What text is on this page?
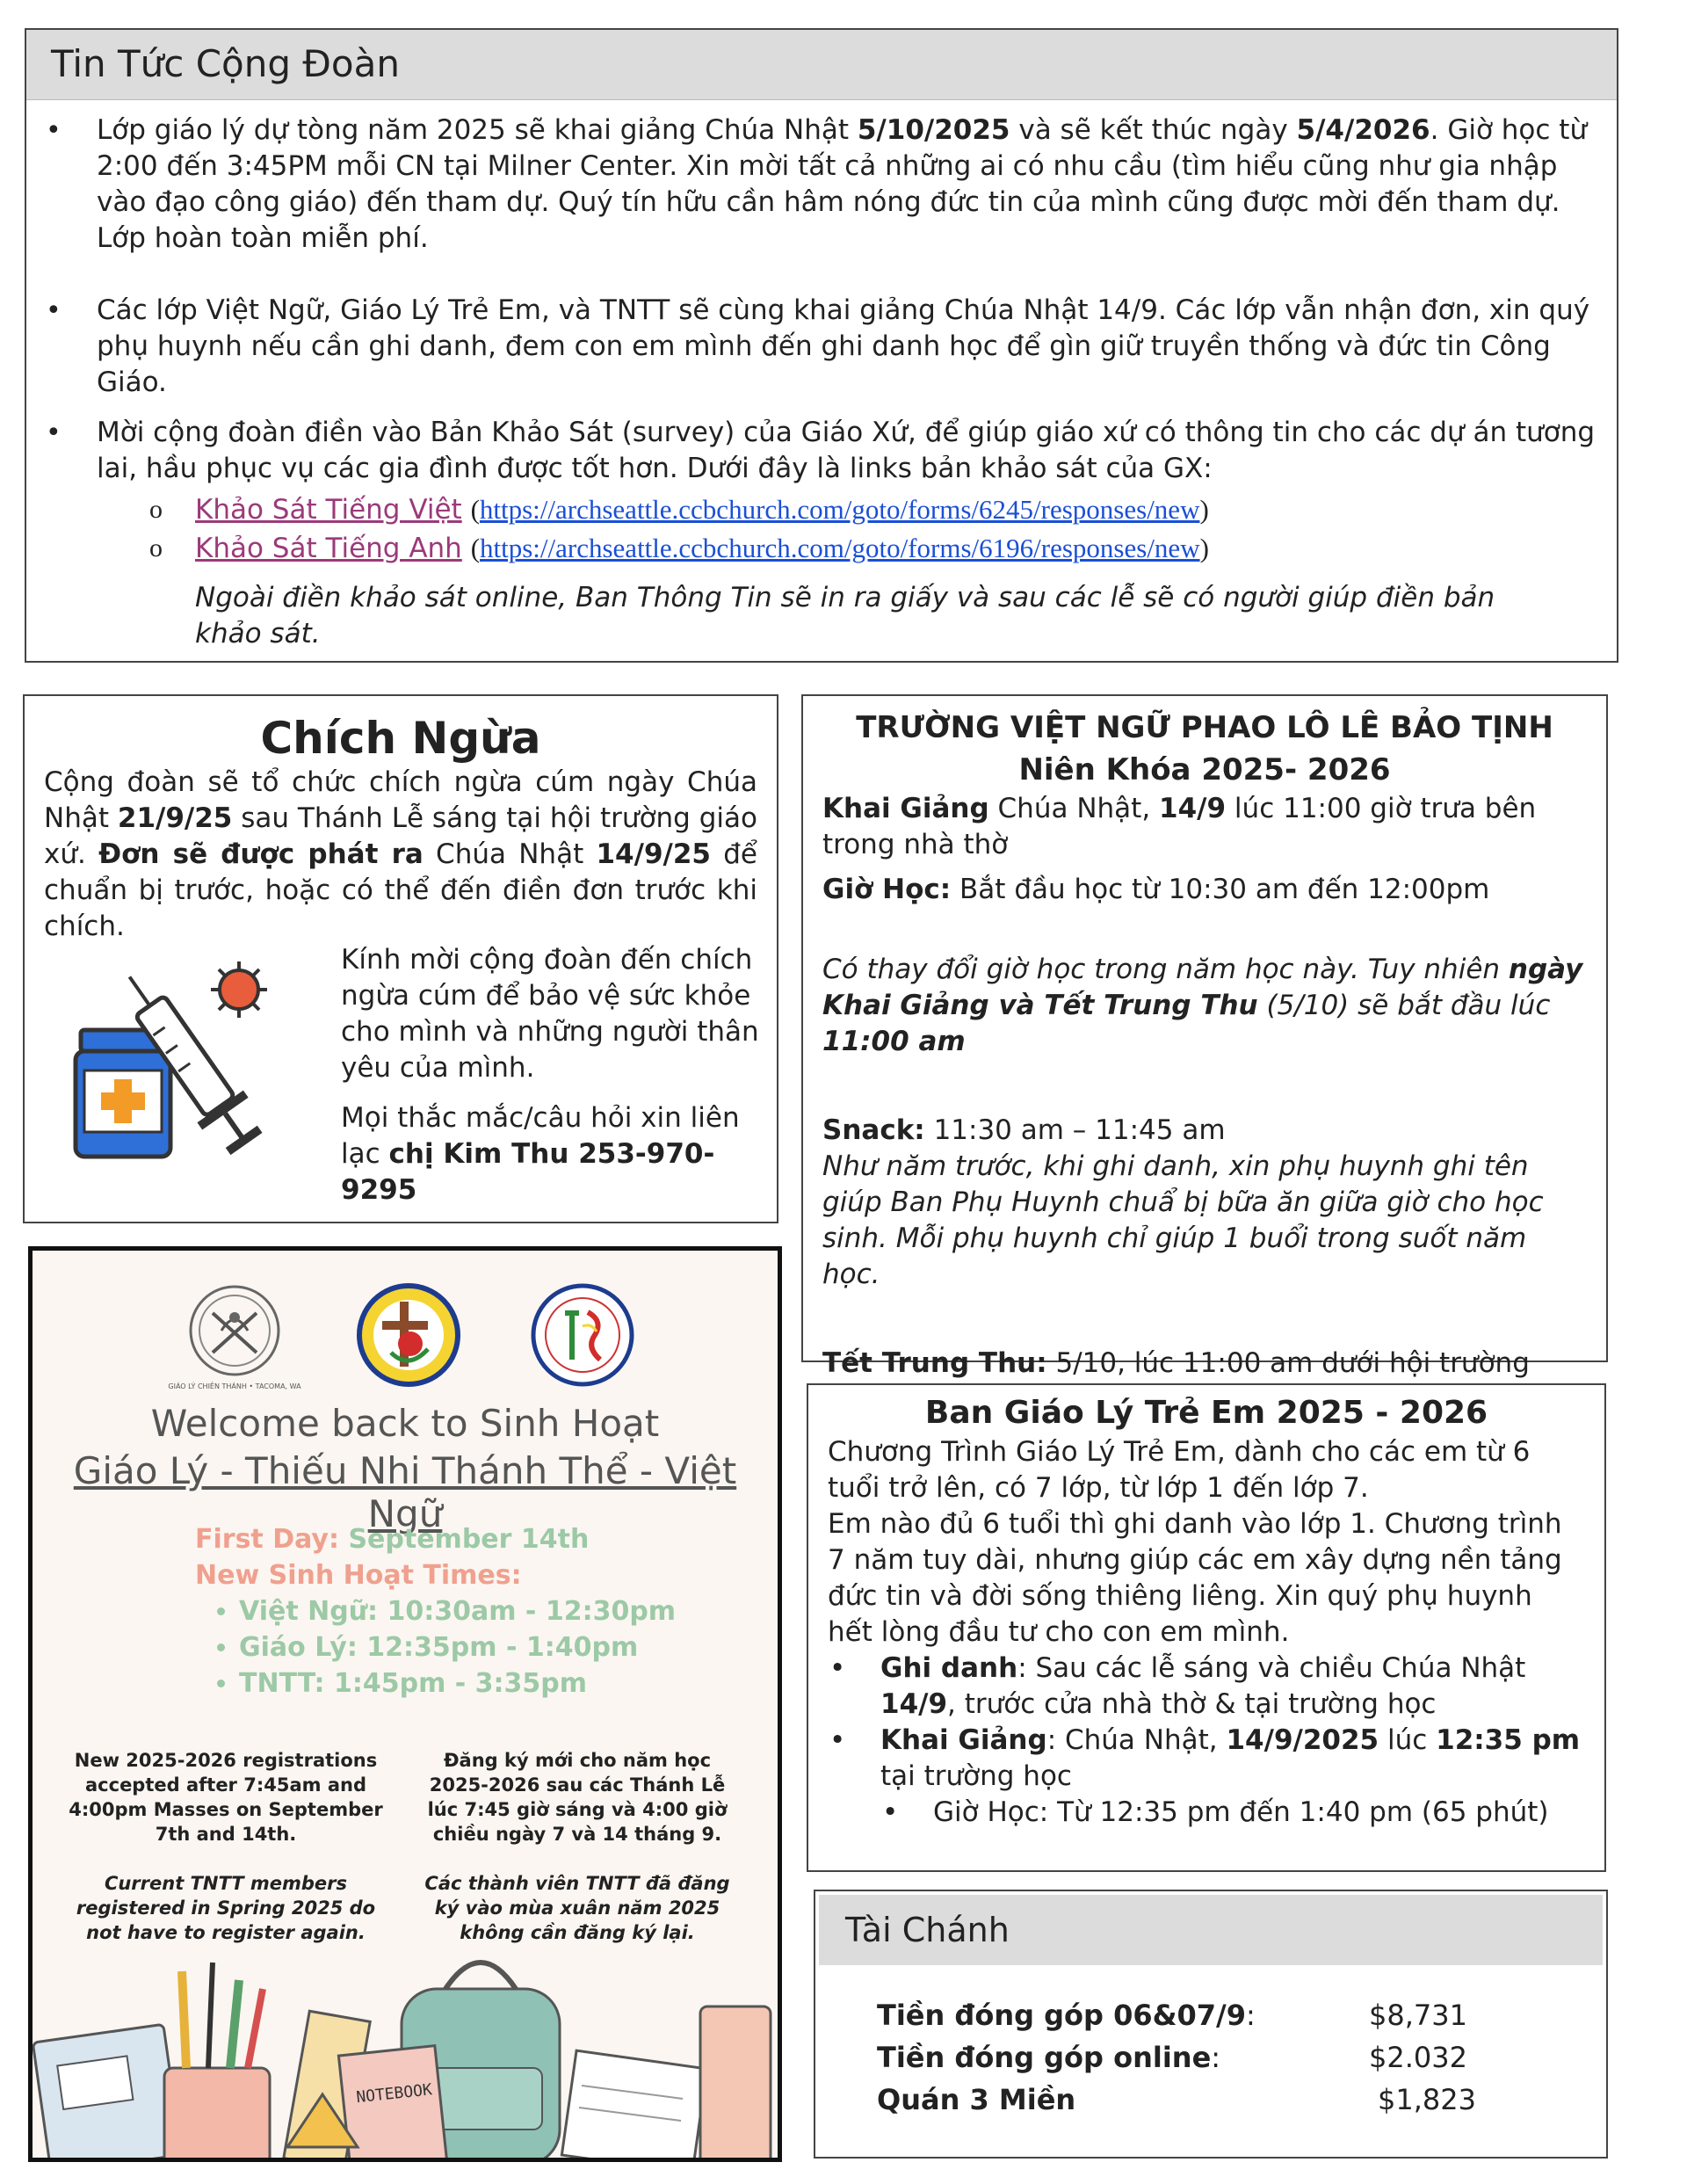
Tin Tức Cộng Đoàn
• Lớp giáo lý dự tòng năm 2025 sẽ khai giảng Chúa Nhật 5/10/2025 và sẽ kết thúc ngày 5/4/2026. Giờ học từ 2:00 đến 3:45PM mỗi CN tại Milner Center. Xin mời tất cả những ai có nhu cầu (tìm hiểu cũng như gia nhập vào đạo công giáo) đến tham dự. Quý tín hữu cần hâm nóng đức tin của mình cũng được mời đến tham dự. Lớp hoàn toàn miễn phí.
• Các lớp Việt Ngữ, Giáo Lý Trẻ Em, và TNTT sẽ cùng khai giảng Chúa Nhật 14/9. Các lớp vẫn nhận đơn, xin quý phụ huynh nếu cần ghi danh, đem con em mình đến ghi danh học để gìn giữ truyền thống và đức tin Công Giáo.
• Mời cộng đoàn điền vào Bản Khảo Sát (survey) của Giáo Xứ, để giúp giáo xứ có thông tin cho các dự án tương lai, hầu phục vụ các gia đình được tốt hơn. Dưới đây là links bản khảo sát của GX:
o Khảo Sát Tiếng Việt (https://archseattle.ccbchurch.com/goto/forms/6245/responses/new)
o Khảo Sát Tiếng Anh (https://archseattle.ccbchurch.com/goto/forms/6196/responses/new)

Ngoài điền khảo sát online, Ban Thông Tin sẽ in ra giấy và sau các lễ sẽ có người giúp điền bản khảo sát.

Chích Ngừa

Cộng đoàn sẽ tổ chức chích ngừa cúm ngày Chúa Nhật 21/9/25 sau Thánh Lễ sáng tại hội trường giáo xứ. Đơn sẽ được phát ra Chúa Nhật 14/9/25 để chuẩn bị trước, hoặc có thể đến điền đơn trước khi chích.

Kính mời cộng đoàn đến chích ngừa cúm để bảo vệ sức khỏe cho mình và những người thân yêu của mình.

Mọi thắc mắc/câu hỏi xin liên lạc chị Kim Thu 253-970-9295

TRƯỜNG VIỆT NGỮ PHAO LÔ LÊ BẢO TỊNH
Niên Khóa 2025- 2026

Khai Giảng Chúa Nhật, 14/9 lúc 11:00 giờ trưa bên trong nhà thờ

Giờ Học: Bắt đầu học từ 10:30 am đến 12:00pm

Có thay đổi giờ học trong năm học này. Tuy nhiên ngày Khai Giảng và Tết Trung Thu (5/10) sẽ bắt đầu lúc 11:00 am

Snack: 11:30 am – 11:45 am

Như năm trước, khi ghi danh, xin phụ huynh ghi tên giúp Ban Phụ Huynh chuẩ bị bữa ăn giữa giờ cho học sinh. Mỗi phụ huynh chỉ giúp 1 buổi trong suốt năm học.

Tết Trung Thu: 5/10, lúc 11:00 am dưới hội trường

GIÁO LÝ CHIÊN THÁNH • TACOMA, WA
Welcome back to Sinh Hoạt
Giáo Lý - Thiếu Nhi Thánh Thể - Việt Ngữ
First Day: September 14th
New Sinh Hoạt Times:
• Việt Ngữ: 10:30am - 12:30pm
• Giáo Lý: 12:35pm - 1:40pm
• TNTT: 1:45pm - 3:35pm

New 2025-2026 registrations accepted after 7:45am and 4:00pm Masses on September 7th and 14th.

Current TNTT members registered in Spring 2025 do not have to register again.

Đăng ký mới cho năm học 2025-2026 sau các Thánh Lễ lúc 7:45 giờ sáng và 4:00 giờ chiều ngày 7 và 14 tháng 9.

Các thành viên TNTT đã đăng ký vào mùa xuân năm 2025 không cần đăng ký lại.

NOTEBOOK
Ban Giáo Lý Trẻ Em 2025 - 2026

Chương Trình Giáo Lý Trẻ Em, dành cho các em từ 6 tuổi trở lên, có 7 lớp, từ lớp 1 đến lớp 7.

Em nào đủ 6 tuổi thì ghi danh vào lớp 1. Chương trình 7 năm tuy dài, nhưng giúp các em xây dựng nền tảng đức tin và đời sống thiêng liêng. Xin quý phụ huynh hết lòng đầu tư cho con em mình.

• Ghi danh: Sau các lễ sáng và chiều Chúa Nhật 14/9, trước cửa nhà thờ & tại trường học
• Khai Giảng: Chúa Nhật, 14/9/2025 lúc 12:35 pm tại trường học
• Giờ Học: Từ 12:35 pm đến 1:40 pm (65 phút)
Tài Chánh
Tiền đóng góp 06&07/9:	$8,731
Tiền đóng góp online:	$2.032
Quán 3 Miền	$1,823
